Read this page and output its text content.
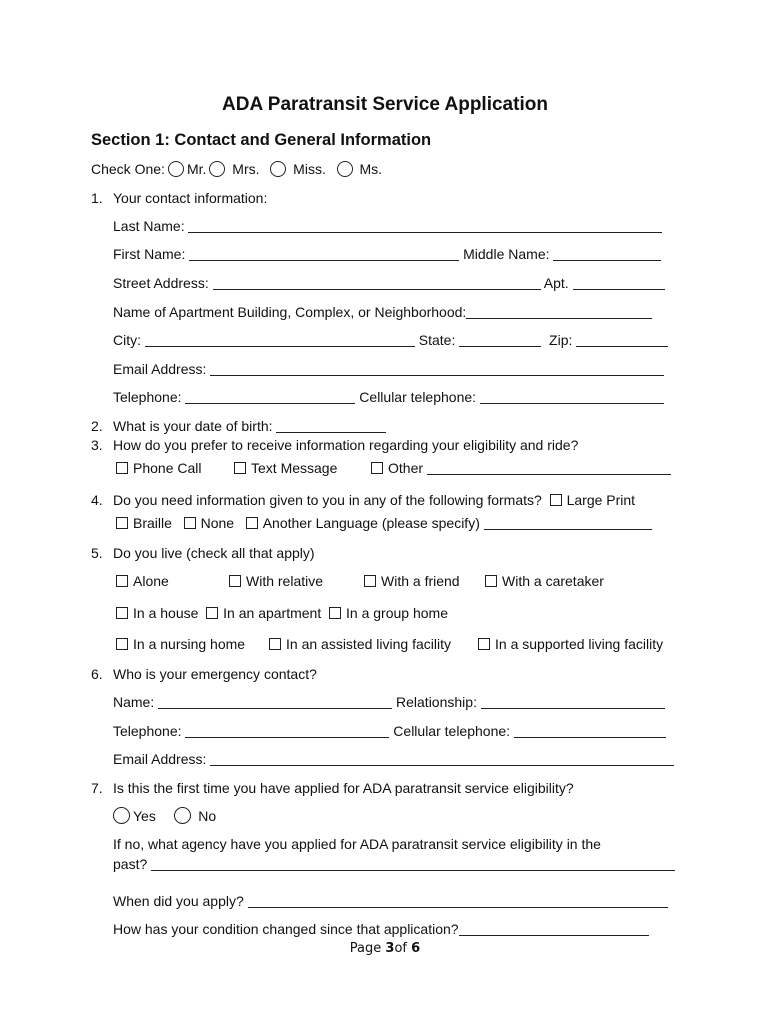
ADA Paratransit Service Application
Section 1: Contact and General Information
Check One: Mr. Mrs. Miss. Ms.
1. Your contact information:
Last Name:
First Name:	Middle Name:
Street Address:	Apt.
Name of Apartment Building, Complex, or Neighborhood:
City:	State:	Zip:
Email Address:
Telephone:	Cellular telephone:
2. What is your date of birth:
3. How do you prefer to receive information regarding your eligibility and ride?
Phone Call	Text Message	Other
4. Do you need information given to you in any of the following formats? Large Print
Braille None Another Language (please specify)
5. Do you live (check all that apply)
Alone	With relative	With a friend	With a caretaker
In a house In an apartment In a group home
In a nursing home	In an assisted living facility	In a supported living facility
6. Who is your emergency contact?
Name:	Relationship:
Telephone:	Cellular telephone:
Email Address:
7. Is this the first time you have applied for ADA paratransit service eligibility?
Yes	No
If no, what agency have you applied for ADA paratransit service eligibility in the
past?
When did you apply?
How has your condition changed since that application?
Page 3of 6
